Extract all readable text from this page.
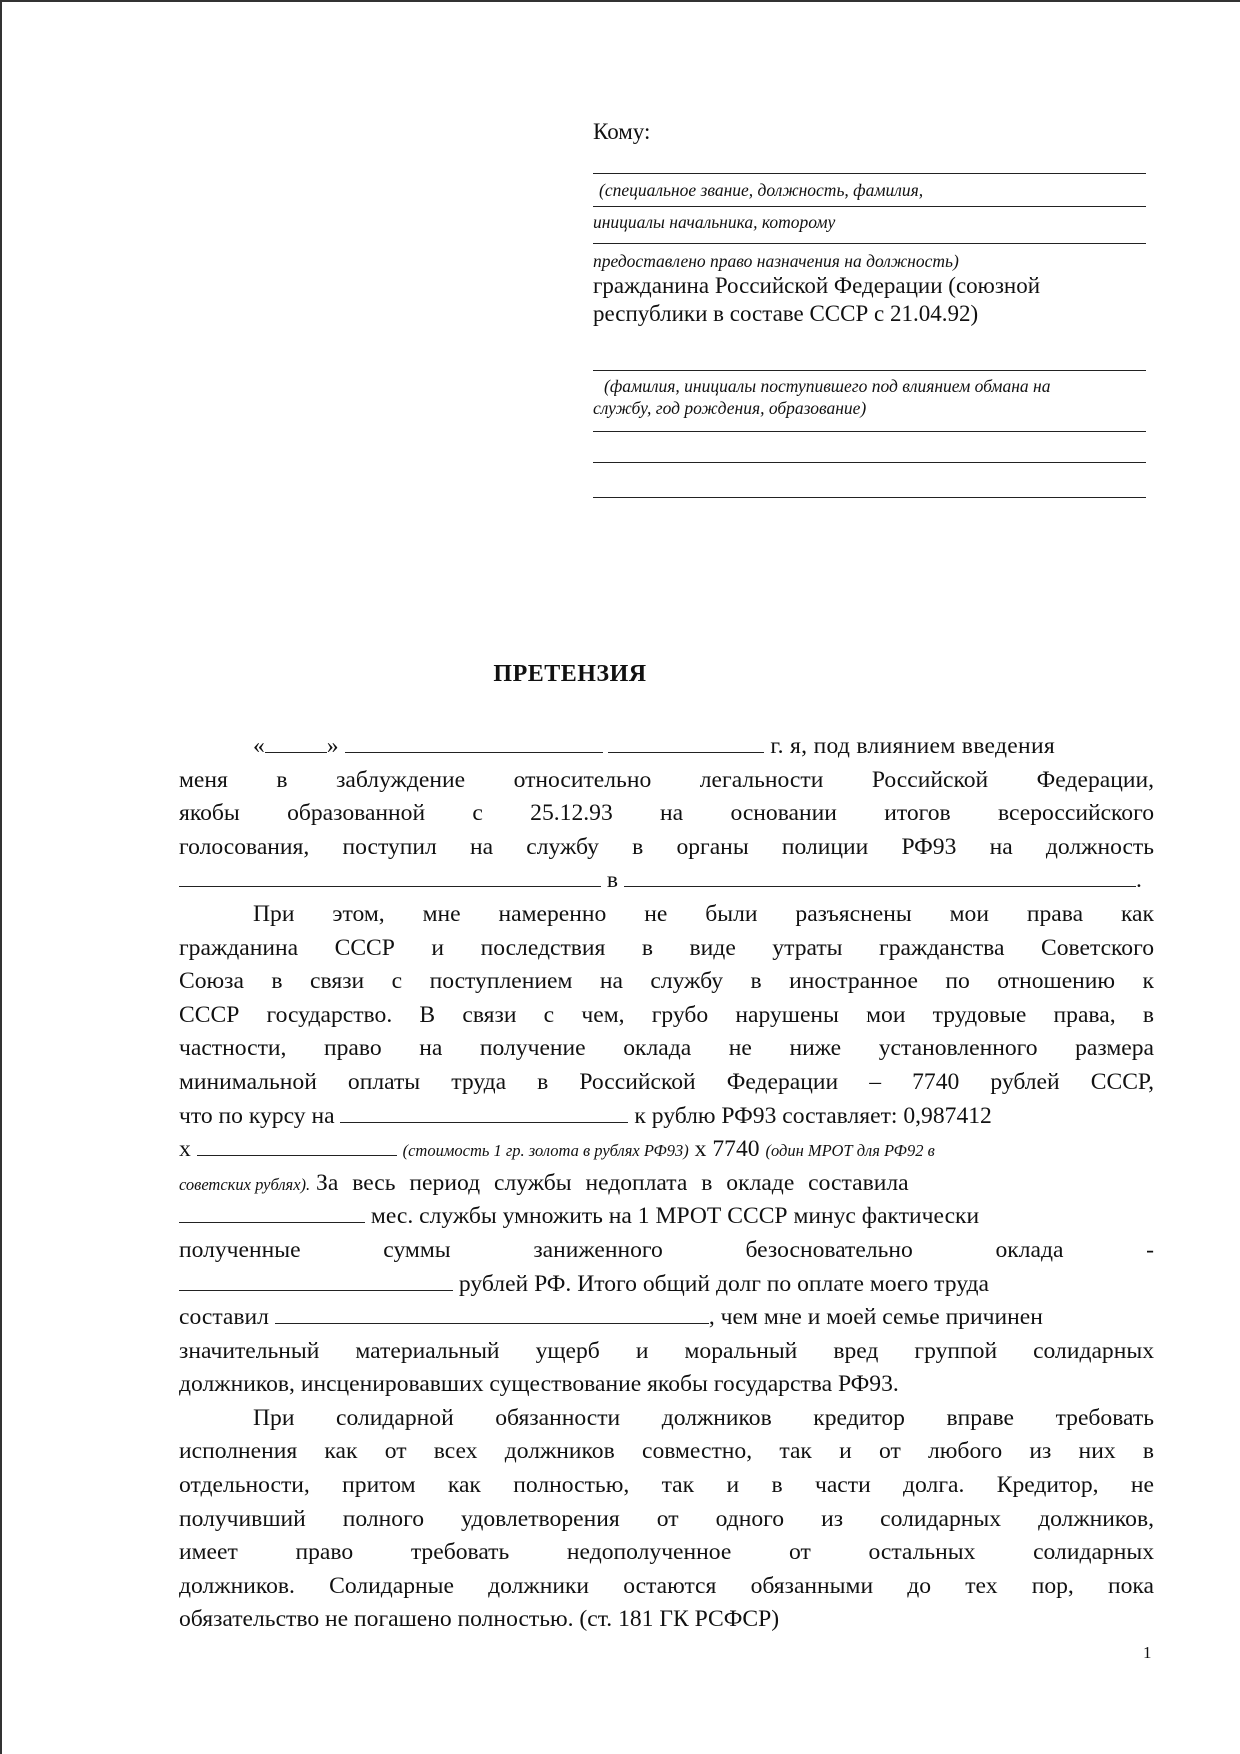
Кому:
(специальное звание, должность, фамилия,
инициалы начальника, которому
предоставлено право назначения на должность)
гражданина Российской Федерации (союзной
республики в составе СССР с 21.04.92)
(фамилия, инициалы поступившего под влиянием обмана на
службу, год рождения, образование)
ПРЕТЕНЗИЯ
«	»	г. я, под влиянием введения
меня в заблуждение относительно легальности Российской Федерации,
якобы образованной с 25.12.93 на основании итогов всероссийского
голосования, поступил на службу в органы полиции РФ93 на должность
в	.
При этом, мне намеренно не были разъяснены мои права как
гражданина СССР и последствия в виде утраты гражданства Советского
Союза в связи с поступлением на службу в иностранное по отношению к
СССР государство. В связи с чем, грубо нарушены мои трудовые права, в
частности, право на получение оклада не ниже установленного размера
минимальной оплаты труда в Российской Федерации – 7740 рублей СССР,
что по курсу на	к рублю РФ93 составляет: 0,987412
х	(стоимость 1 гр. золота в рублях РФ93) х 7740 (один МРОТ для РФ92 в
советских рублях). За весь период службы недоплата в окладе составила
мес. службы умножить на 1 МРОТ СССР минус фактически
полученные суммы заниженного безосновательно оклада -
рублей РФ. Итого общий долг по оплате моего труда
составил	, чем мне и моей семье причинен
значительный материальный ущерб и моральный вред группой солидарных
должников, инсценировавших существование якобы государства РФ93.
При солидарной обязанности должников кредитор вправе требовать
исполнения как от всех должников совместно, так и от любого из них в
отдельности, притом как полностью, так и в части долга. Кредитор, не
получивший полного удовлетворения от одного из солидарных должников,
имеет право требовать недополученное от остальных солидарных
должников. Солидарные должники остаются обязанными до тех пор, пока
обязательство не погашено полностью. (ст. 181 ГК РСФСР)
1
